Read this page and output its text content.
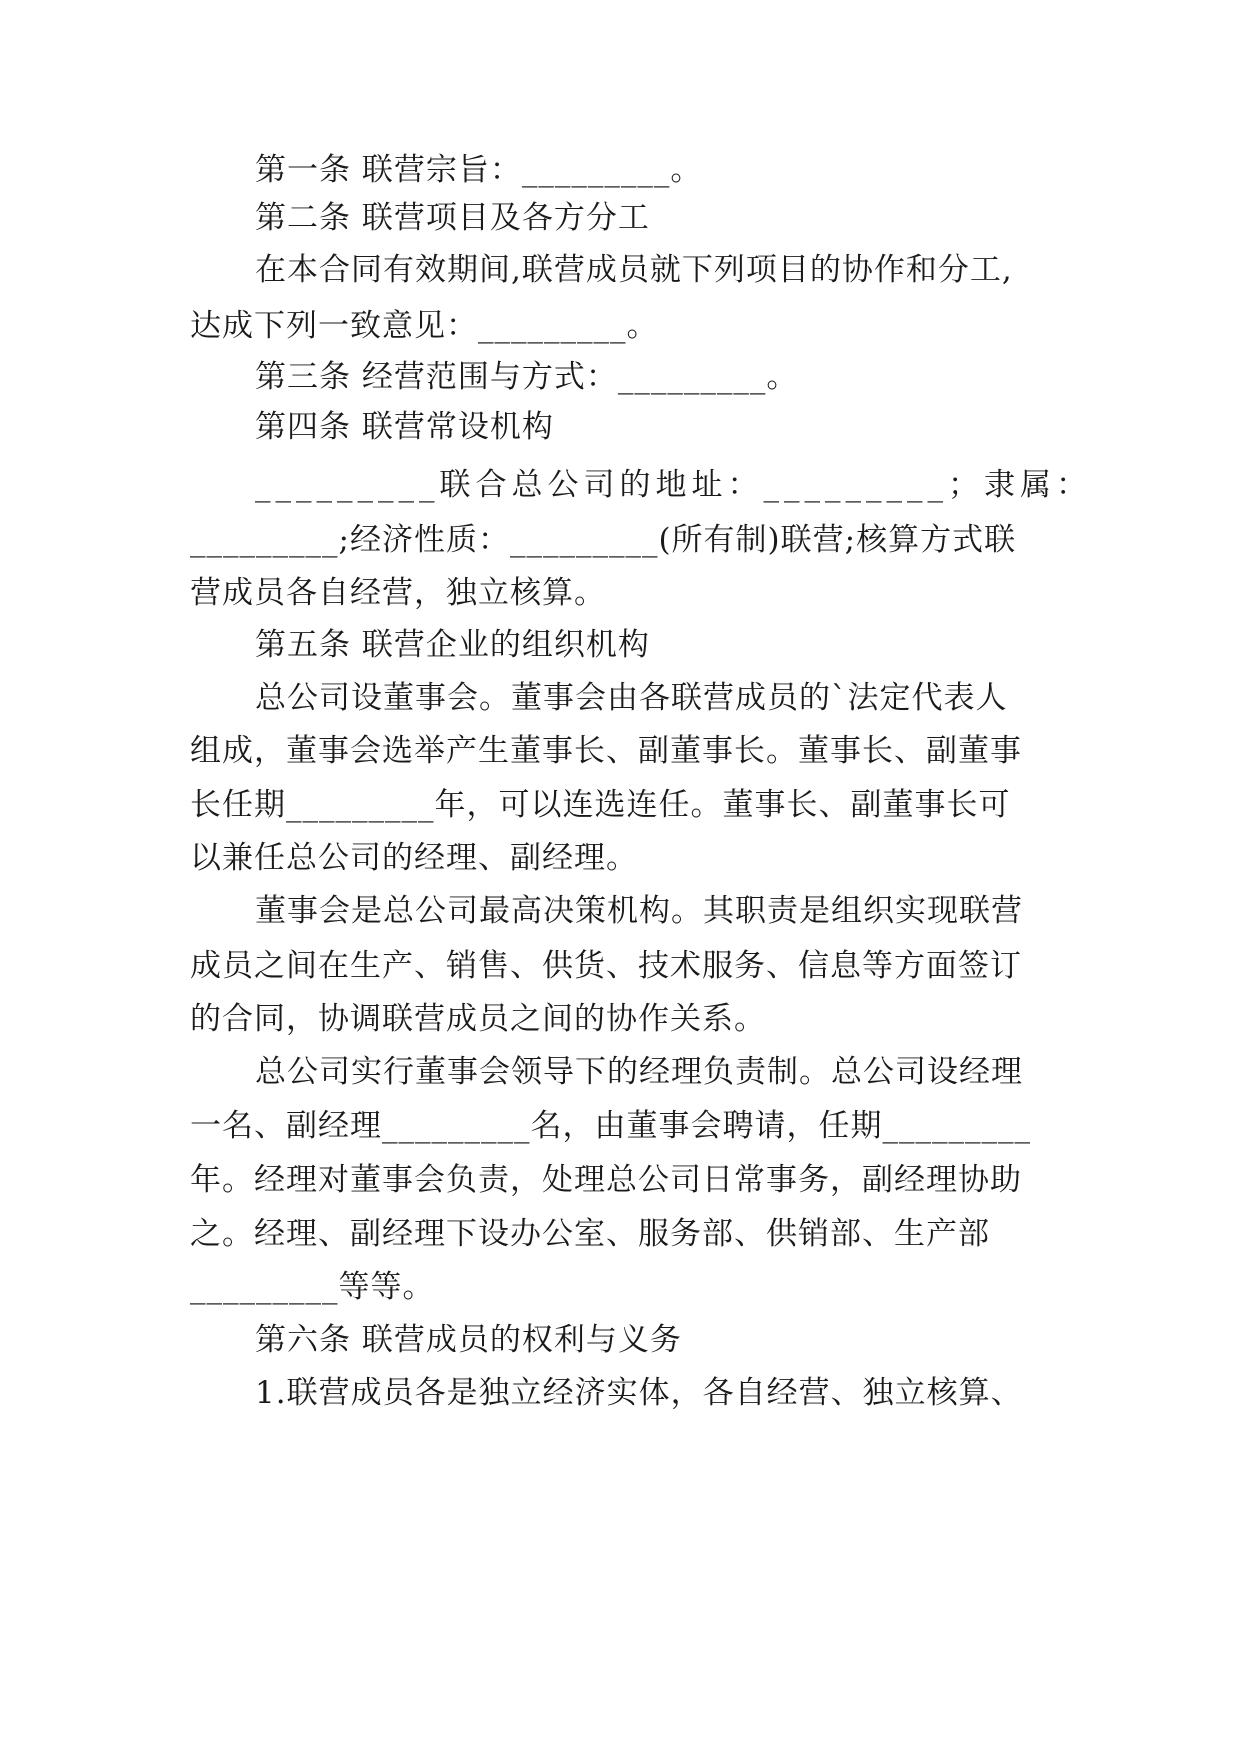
第一条 联营宗旨：_________。
第二条 联营项目及各方分工
在本合同有效期间,联营成员就下列项目的协作和分工,
达成下列一致意见：_________。
第三条 经营范围与方式：_________。
第四条 联营常设机构
_________联合总公司的地址：_________；隶属：
_________;经济性质：_________(所有制)联营;核算方式联
营成员各自经营，独立核算。
第五条 联营企业的组织机构
总公司设董事会。董事会由各联营成员的`法定代表人
组成，董事会选举产生董事长、副董事长。董事长、副董事
长任期_________年，可以连选连任。董事长、副董事长可
以兼任总公司的经理、副经理。
董事会是总公司最高决策机构。其职责是组织实现联营
成员之间在生产、销售、供货、技术服务、信息等方面签订
的合同，协调联营成员之间的协作关系。
总公司实行董事会领导下的经理负责制。总公司设经理
一名、副经理_________名，由董事会聘请，任期_________
年。经理对董事会负责，处理总公司日常事务，副经理协助
之。经理、副经理下设办公室、服务部、供销部、生产部
_________等等。
第六条 联营成员的权利与义务
1.联营成员各是独立经济实体，各自经营、独立核算、
